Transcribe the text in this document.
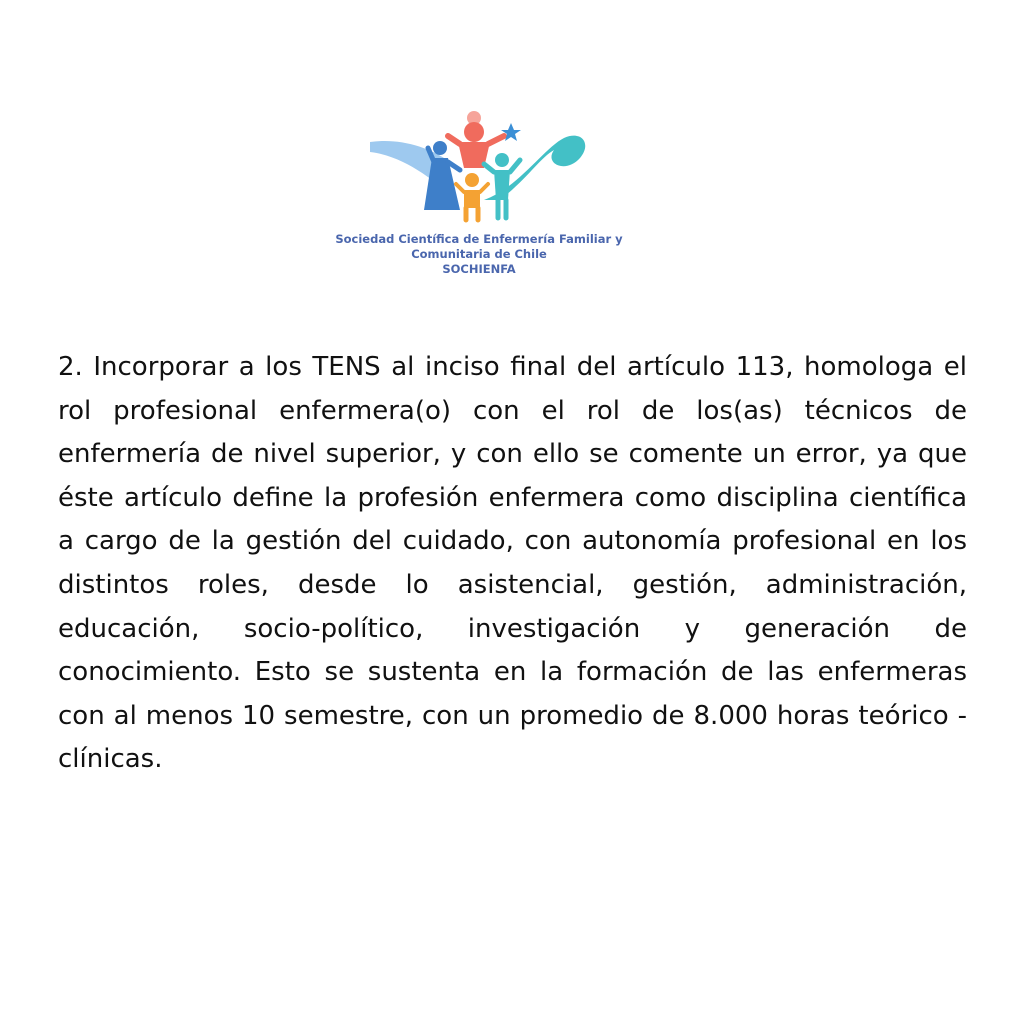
Sociedad Científica de Enfermería Familiar y
Comunitaria de Chile
SOCHIENFA

2. Incorporar a los TENS al inciso final del artículo 113, homologa el rol profesional enfermera(o) con el rol de los(as) técnicos de enfermería de nivel superior, y con ello se comente un error, ya que éste artículo define la profesión enfermera como disciplina científica a cargo de la gestión del cuidado, con autonomía profesional en los distintos roles, desde lo asistencial, gestión, administración, educación, socio-político, investigación y generación de conocimiento. Esto se sustenta en la formación de las enfermeras con al menos 10 semestre, con un promedio de 8.000 horas teórico - clínicas.
